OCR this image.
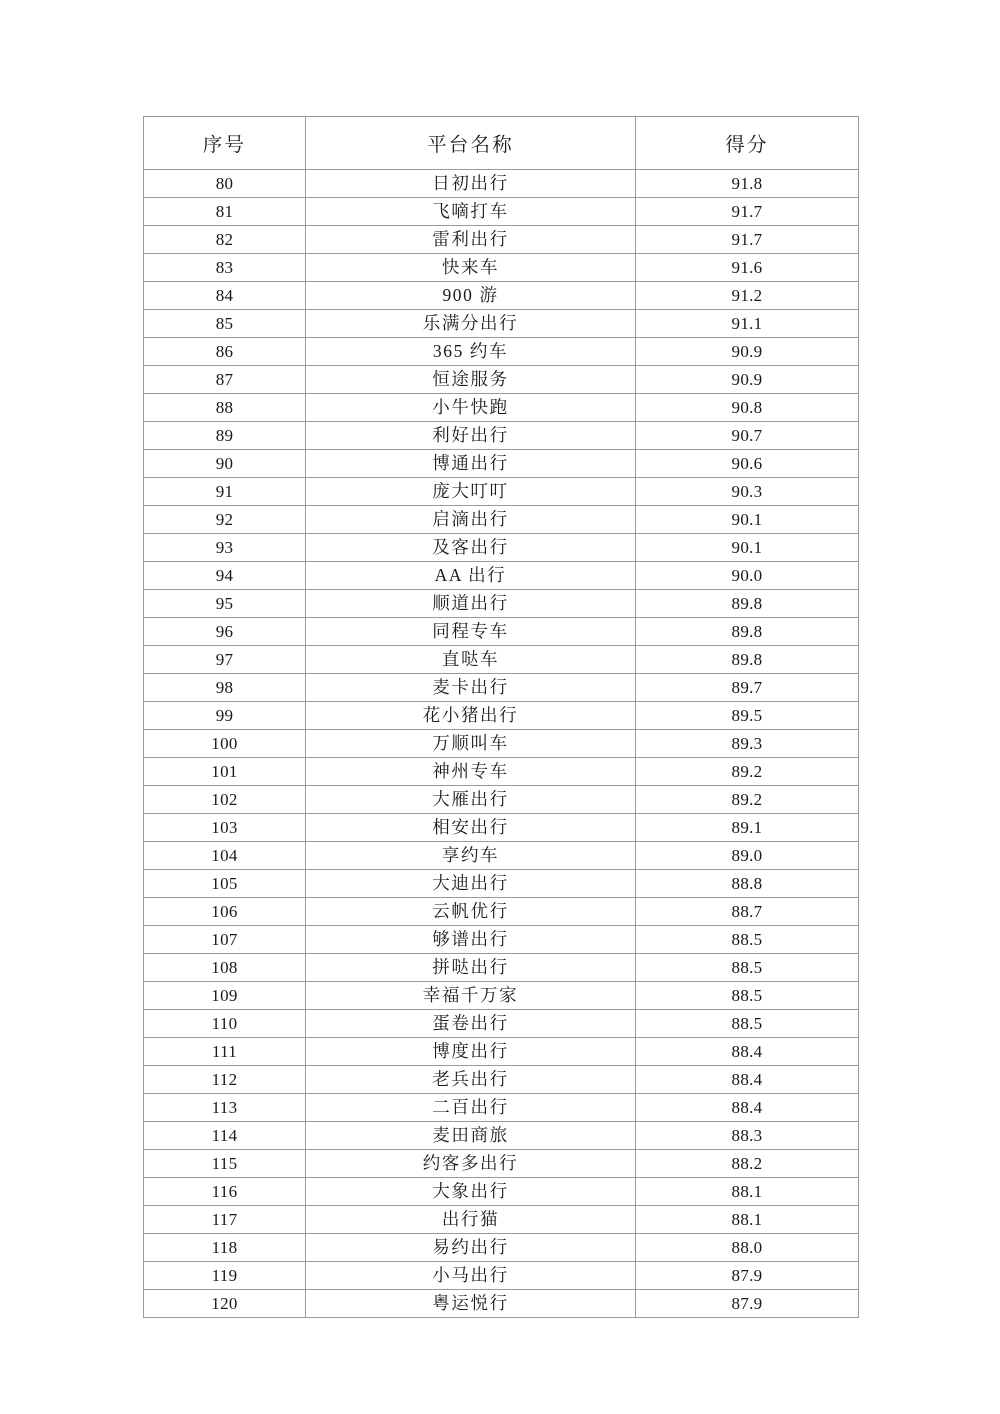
序号	平台名称	得分
80	日初出行	91.8
81	飞嘀打车	91.7
82	雷利出行	91.7
83	快来车	91.6
84	900 游	91.2
85	乐满分出行	91.1
86	365 约车	90.9
87	恒途服务	90.9
88	小牛快跑	90.8
89	利好出行	90.7
90	博通出行	90.6
91	庞大叮叮	90.3
92	启滴出行	90.1
93	及客出行	90.1
94	AA 出行	90.0
95	顺道出行	89.8
96	同程专车	89.8
97	直哒车	89.8
98	麦卡出行	89.7
99	花小猪出行	89.5
100	万顺叫车	89.3
101	神州专车	89.2
102	大雁出行	89.2
103	相安出行	89.1
104	享约车	89.0
105	大迪出行	88.8
106	云帆优行	88.7
107	够谱出行	88.5
108	拼哒出行	88.5
109	幸福千万家	88.5
110	蛋卷出行	88.5
111	博度出行	88.4
112	老兵出行	88.4
113	二百出行	88.4
114	麦田商旅	88.3
115	约客多出行	88.2
116	大象出行	88.1
117	出行猫	88.1
118	易约出行	88.0
119	小马出行	87.9
120	粤运悦行	87.9
